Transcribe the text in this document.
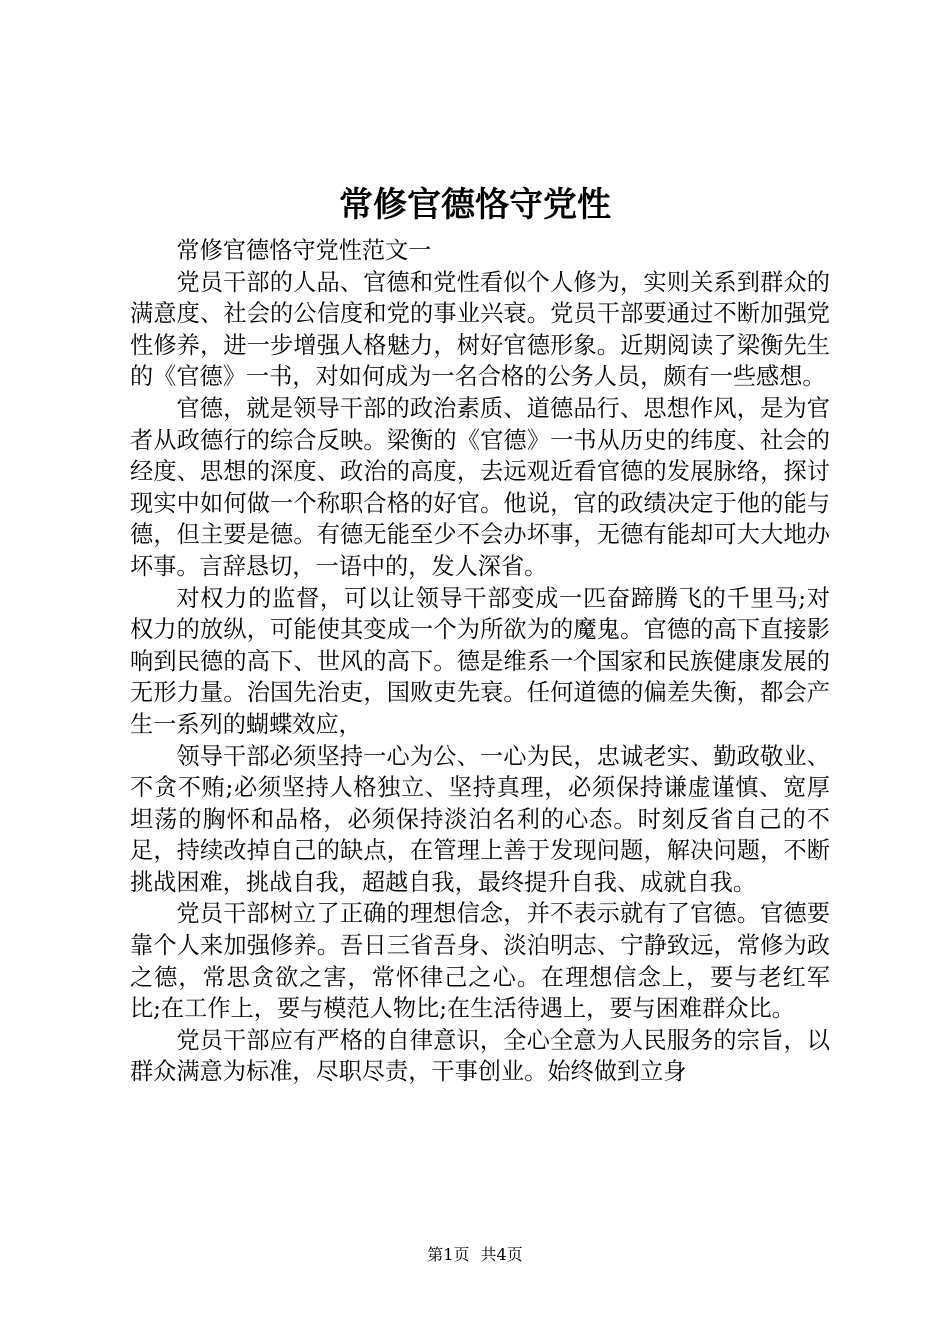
常修官德恪守党性

常修官德恪守党性范文一

党员干部的人品、官德和党性看似个人修为，实则关系到群众的满意度、社会的公信度和党的事业兴衰。党员干部要通过不断加强党性修养，进一步增强人格魅力，树好官德形象。近期阅读了梁衡先生的《官德》一书，对如何成为一名合格的公务人员，颇有一些感想。

官德，就是领导干部的政治素质、道德品行、思想作风，是为官者从政德行的综合反映。梁衡的《官德》一书从历史的纬度、社会的经度、思想的深度、政治的高度，去远观近看官德的发展脉络，探讨现实中如何做一个称职合格的好官。他说，官的政绩决定于他的能与德，但主要是德。有德无能至少不会办坏事，无德有能却可大大地办坏事。言辞恳切，一语中的，发人深省。

对权力的监督，可以让领导干部变成一匹奋蹄腾飞的千里马;对权力的放纵，可能使其变成一个为所欲为的魔鬼。官德的高下直接影响到民德的高下、世风的高下。德是维系一个国家和民族健康发展的无形力量。治国先治吏，国败吏先衰。任何道德的偏差失衡，都会产生一系列的蝴蝶效应，

领导干部必须坚持一心为公、一心为民，忠诚老实、勤政敬业、不贪不贿;必须坚持人格独立、坚持真理，必须保持谦虚谨慎、宽厚坦荡的胸怀和品格，必须保持淡泊名利的心态。时刻反省自己的不足，持续改掉自己的缺点，在管理上善于发现问题，解决问题，不断挑战困难，挑战自我，超越自我，最终提升自我、成就自我。

党员干部树立了正确的理想信念，并不表示就有了官德。官德要靠个人来加强修养。吾日三省吾身、淡泊明志、宁静致远，常修为政之德，常思贪欲之害，常怀律己之心。在理想信念上，要与老红军比;在工作上，要与模范人物比;在生活待遇上，要与困难群众比。

党员干部应有严格的自律意识，全心全意为人民服务的宗旨，以群众满意为标准，尽职尽责，干事创业。始终做到立身

第1页 共4页
